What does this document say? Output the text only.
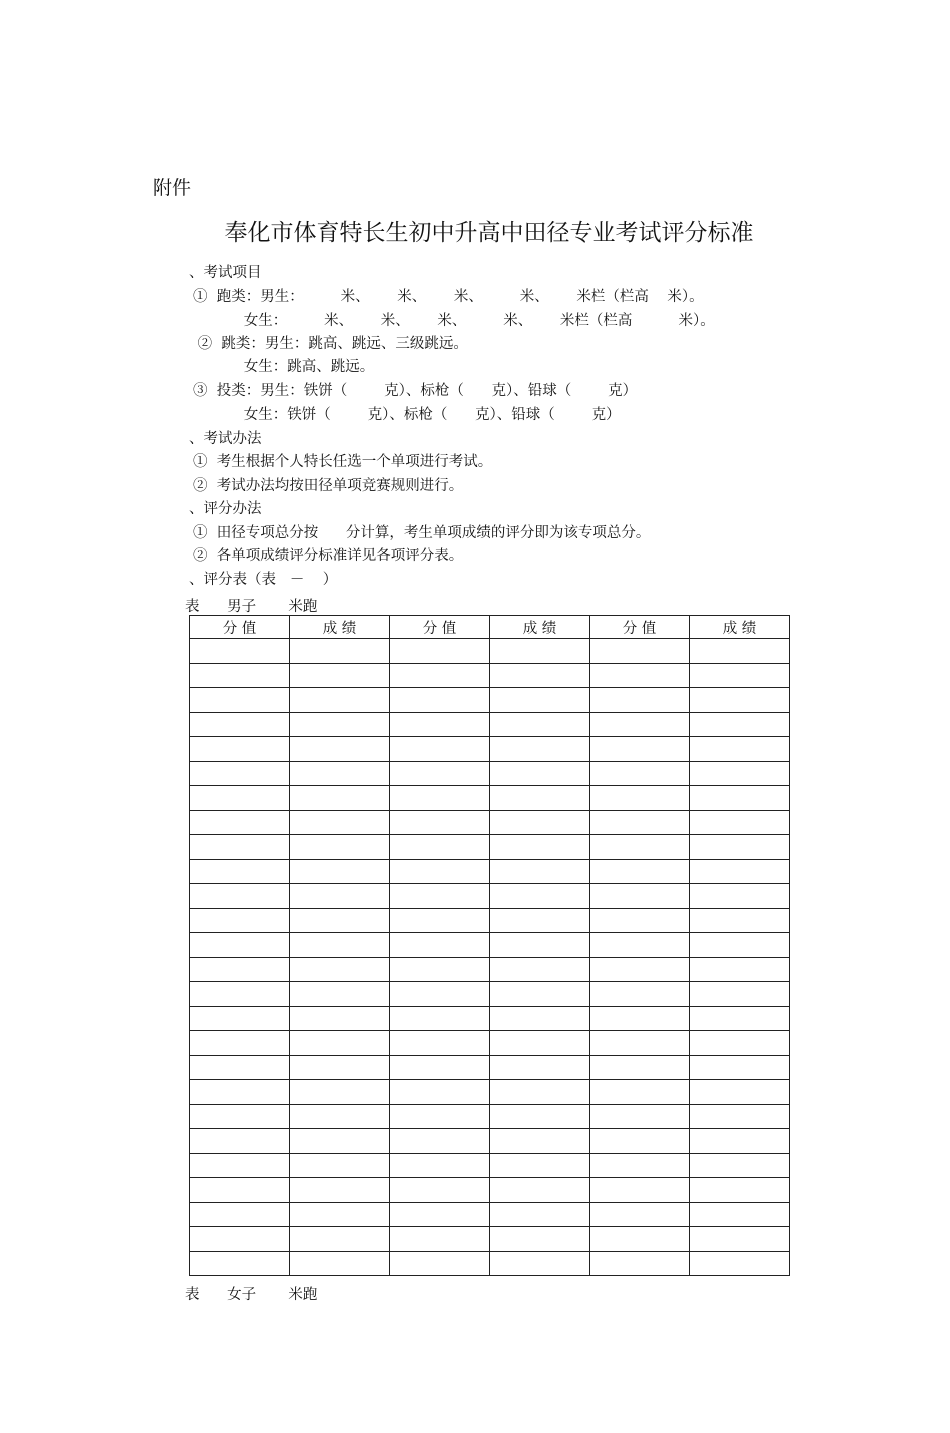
附件
奉化市体育特长生初中升高中田径专业考试评分标准
、考试项目
①  跑类：男生：        米、      米、      米、        米、      米栏（栏高    米）。
女生：        米、      米、      米、        米、      米栏（栏高          米）。
②  跳类：男生：跳高、跳远、三级跳远。
女生：跳高、跳远。
③  投类：男生：铁饼（        克）、标枪（      克）、铅球（        克）
女生：铁饼（        克）、标枪（      克）、铅球（        克）
、考试办法
①  考生根据个人特长任选一个单项进行考试。
②  考试办法均按田径单项竞赛规则进行。
、评分办法
①  田径专项总分按      分计算，考生单项成绩的评分即为该专项总分。
②  各单项成绩评分标准详见各项评分表。
、评分表（表   －    ）
表      男子       米跑
分 值	成 绩	分 值	成 绩	分 值	成 绩

表      女子       米跑
